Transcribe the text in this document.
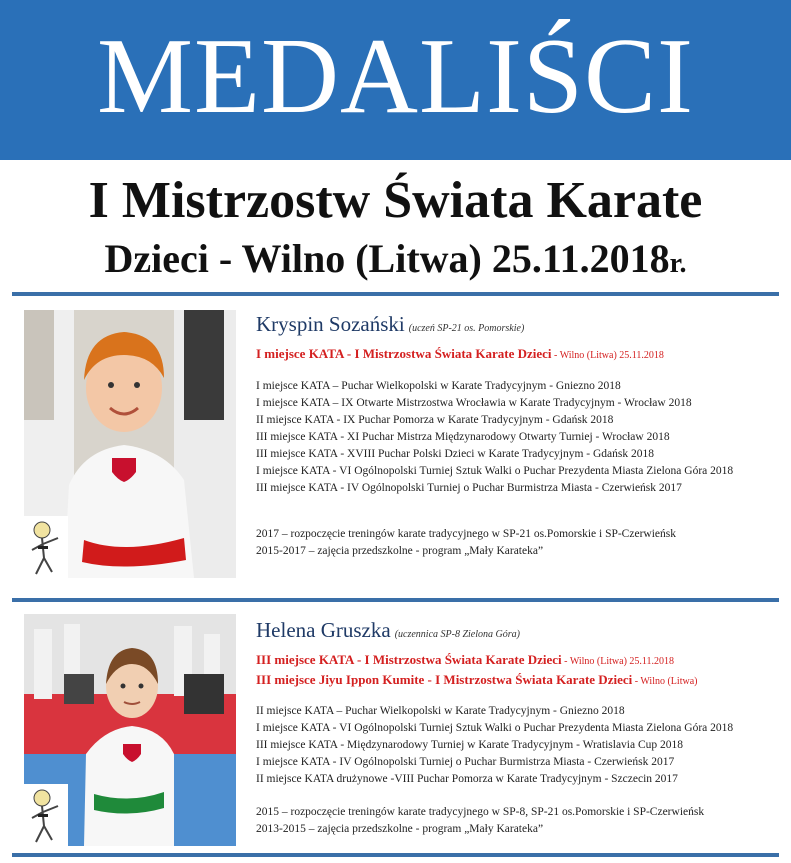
MEDALIŚCI
I Mistrzostw Świata Karate
Dzieci - Wilno (Litwa) 25.11.2018r.
Kryspin Sozański (uczeń SP-21 os. Pomorskie)
I miejsce KATA - I Mistrzostwa Świata Karate Dzieci - Wilno (Litwa) 25.11.2018
I miejsce KATA – Puchar Wielkopolski w Karate Tradycyjnym - Gniezno 2018
I miejsce KATA – IX Otwarte Mistrzostwa Wrocławia w Karate Tradycyjnym - Wrocław 2018
II miejsce KATA - IX Puchar Pomorza w Karate Tradycyjnym - Gdańsk 2018
III miejsce KATA - XI Puchar Mistrza Międzynarodowy Otwarty Turniej - Wrocław 2018
III miejsce KATA - XVIII Puchar Polski Dzieci w Karate Tradycyjnym - Gdańsk 2018
I miejsce KATA - VI Ogólnopolski Turniej Sztuk Walki o Puchar Prezydenta Miasta Zielona Góra 2018
III miejsce KATA - IV Ogólnopolski Turniej o Puchar Burmistrza Miasta - Czerwieńsk 2017
2017 – rozpoczęcie treningów karate tradycyjnego w SP-21 os.Pomorskie i SP-Czerwieńsk
2015-2017 – zajęcia przedszkolne - program „Mały Karateka”
Helena Gruszka (uczennica SP-8 Zielona Góra)
III miejsce KATA - I Mistrzostwa Świata Karate Dzieci - Wilno (Litwa) 25.11.2018
III miejsce Jiyu Ippon Kumite - I Mistrzostwa Świata Karate Dzieci - Wilno (Litwa)
II miejsce KATA – Puchar Wielkopolski w Karate Tradycyjnym - Gniezno 2018
I miejsce KATA - VI Ogólnopolski Turniej Sztuk Walki o Puchar Prezydenta Miasta Zielona Góra 2018
III miejsce KATA - Międzynarodowy Turniej w Karate Tradycyjnym - Wratislavia Cup 2018
I miejsce KATA - IV Ogólnopolski Turniej o Puchar Burmistrza Miasta - Czerwieńsk 2017
II miejsce KATA drużynowe -VIII Puchar Pomorza w Karate Tradycyjnym - Szczecin 2017
2015 – rozpoczęcie treningów karate tradycyjnego w SP-8, SP-21 os.Pomorskie i SP-Czerwieńsk
2013-2015 – zajęcia przedszkolne - program „Mały Karateka”
